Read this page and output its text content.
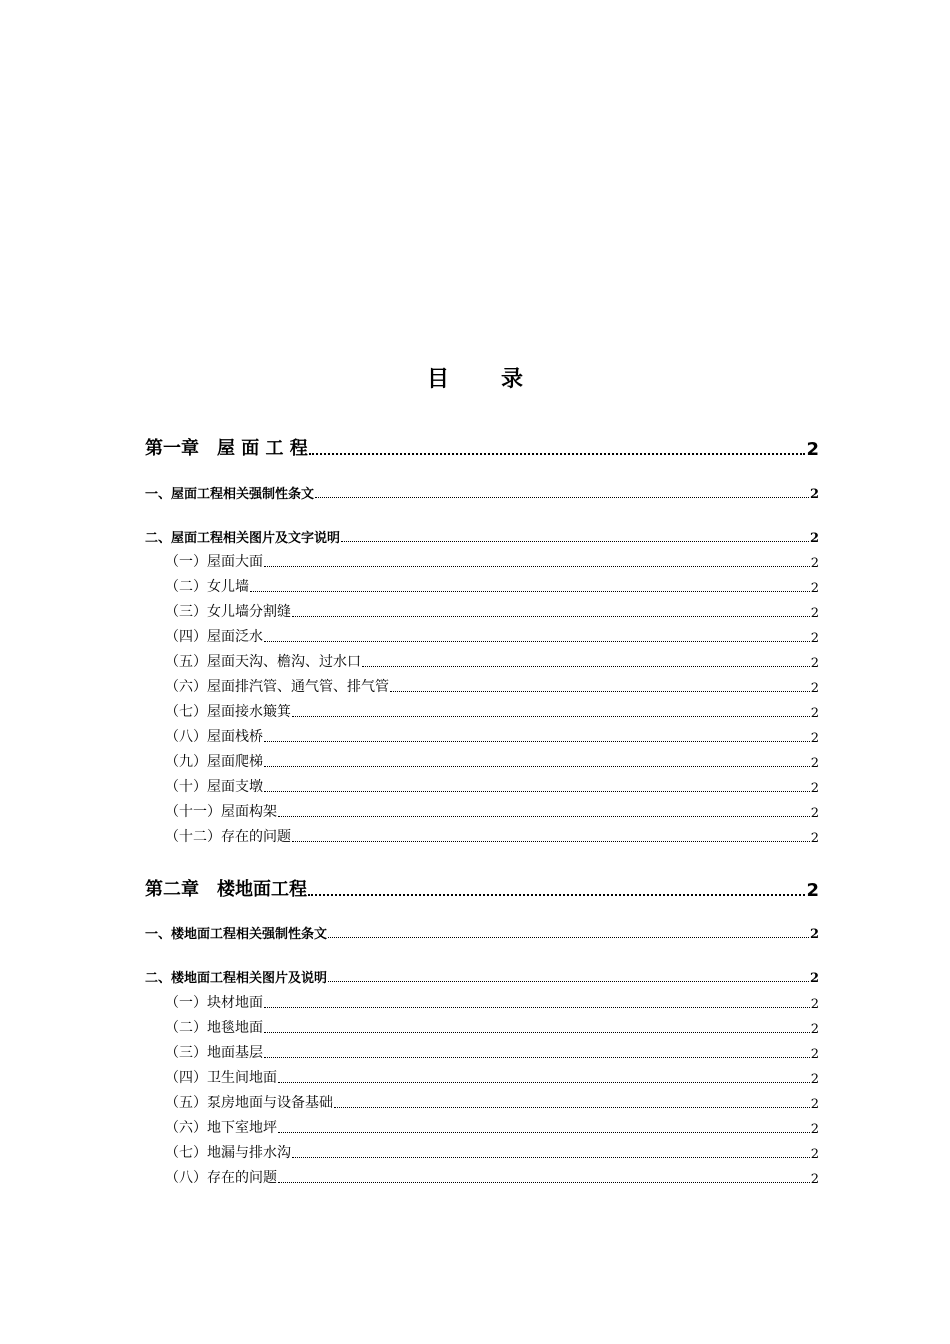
目录
第一章　屋 面 工 程	2
一、屋面工程相关强制性条文	2
二、屋面工程相关图片及文字说明	2
（一）屋面大面	2
（二）女儿墙	2
（三）女儿墙分割缝	2
（四）屋面泛水	2
（五）屋面天沟、檐沟、过水口	2
（六）屋面排汽管、通气管、排气管	2
（七）屋面接水簸箕	2
（八）屋面栈桥	2
（九）屋面爬梯	2
（十）屋面支墩	2
（十一）屋面构架	2
（十二）存在的问题	2
第二章　楼地面工程	2
一、楼地面工程相关强制性条文	2
二、楼地面工程相关图片及说明	2
（一）块材地面	2
（二）地毯地面	2
（三）地面基层	2
（四）卫生间地面	2
（五）泵房地面与设备基础	2
（六）地下室地坪	2
（七）地漏与排水沟	2
（八）存在的问题	2
